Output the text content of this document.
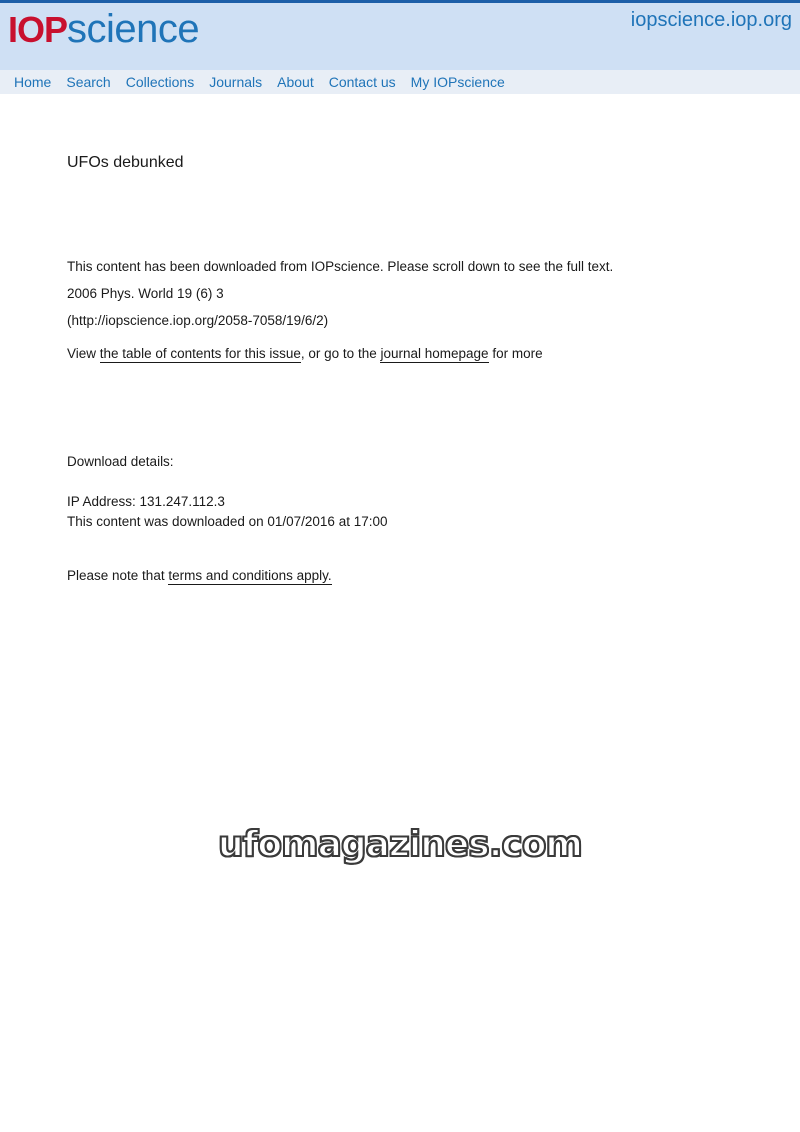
IOP science	iopscience.iop.org
Home Search Collections Journals About Contact us My IOPscience
UFOs debunked
This content has been downloaded from IOPscience. Please scroll down to see the full text.
2006 Phys. World 19 (6) 3
(http://iopscience.iop.org/2058-7058/19/6/2)
View the table of contents for this issue, or go to the journal homepage for more
Download details:
IP Address: 131.247.112.3
This content was downloaded on 01/07/2016 at 17:00
Please note that terms and conditions apply.
ufomagazines.com
